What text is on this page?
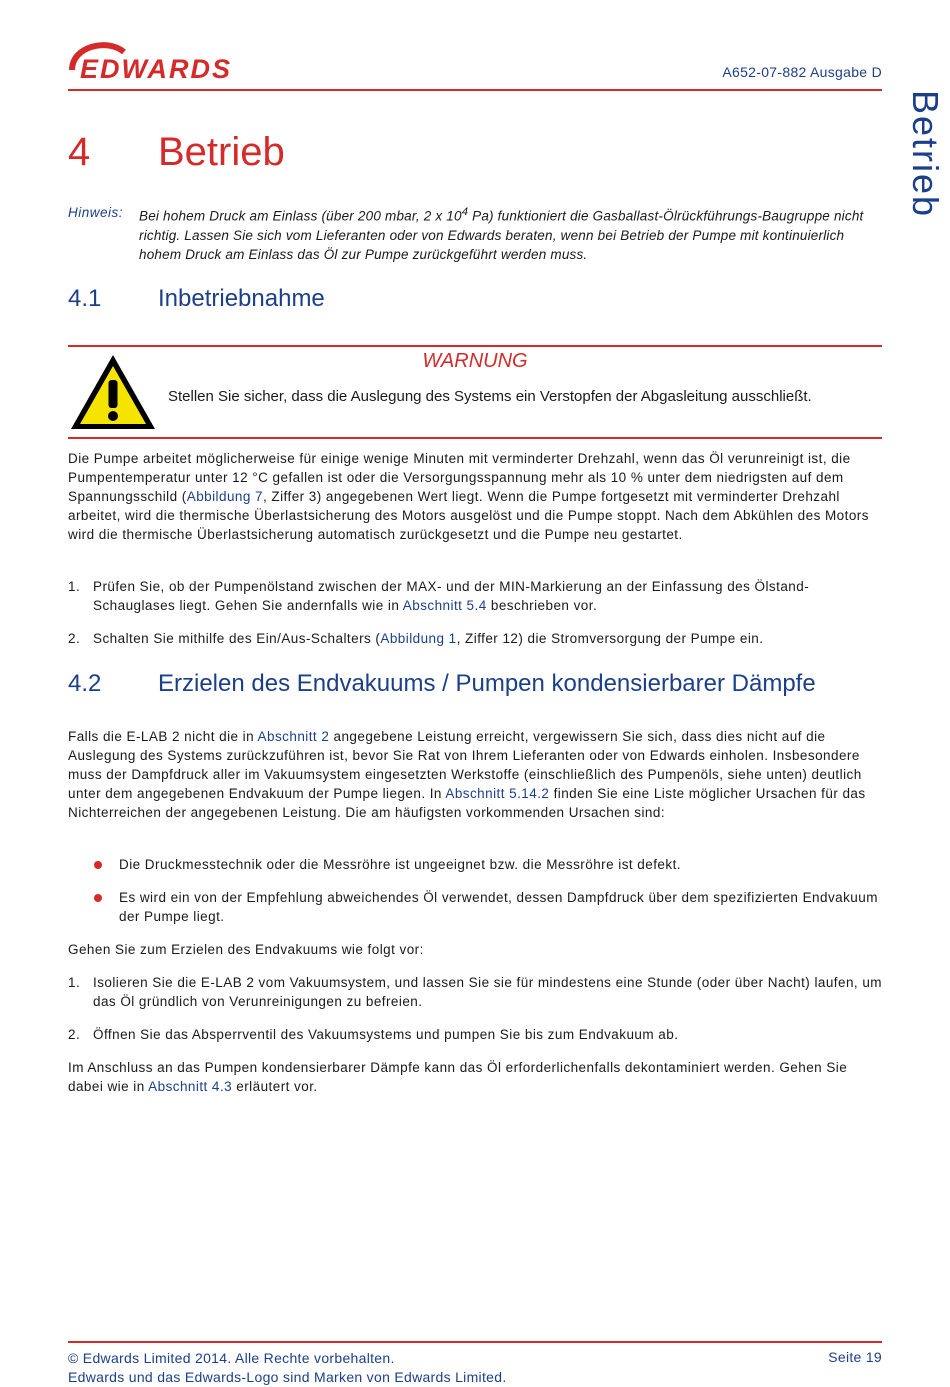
EDWARDS	A652-07-882 Ausgabe D
Betrieb
4 Betrieb
Hinweis: Bei hohem Druck am Einlass (über 200 mbar, 2 x $10^4$ Pa) funktioniert die Gasballast-Ölrückführungs-Baugruppe nicht richtig. Lassen Sie sich vom Lieferanten oder von Edwards beraten, wenn bei Betrieb der Pumpe mit kontinuierlich hohem Druck am Einlass das Öl zur Pumpe zurückgeführt werden muss.
4.1 Inbetriebnahme
WARNUNG
Stellen Sie sicher, dass die Auslegung des Systems ein Verstopfen der Abgasleitung ausschließt.
Die Pumpe arbeitet möglicherweise für einige wenige Minuten mit verminderter Drehzahl, wenn das Öl verunreinigt ist, die Pumpentemperatur unter 12 °C gefallen ist oder die Versorgungsspannung mehr als 10 % unter dem niedrigsten auf dem Spannungsschild (Abbildung 7, Ziffer 3) angegebenen Wert liegt. Wenn die Pumpe fortgesetzt mit verminderter Drehzahl arbeitet, wird die thermische Überlastsicherung des Motors ausgelöst und die Pumpe stoppt. Nach dem Abkühlen des Motors wird die thermische Überlastsicherung automatisch zurückgesetzt und die Pumpe neu gestartet.
1. Prüfen Sie, ob der Pumpenölstand zwischen der MAX- und der MIN-Markierung an der Einfassung des Ölstand-Schauglases liegt. Gehen Sie andernfalls wie in Abschnitt 5.4 beschrieben vor.
2. Schalten Sie mithilfe des Ein/Aus-Schalters (Abbildung 1, Ziffer 12) die Stromversorgung der Pumpe ein.
4.2 Erzielen des Endvakuums / Pumpen kondensierbarer Dämpfe
Falls die E-LAB 2 nicht die in Abschnitt 2 angegebene Leistung erreicht, vergewissern Sie sich, dass dies nicht auf die Auslegung des Systems zurückzuführen ist, bevor Sie Rat von Ihrem Lieferanten oder von Edwards einholen. Insbesondere muss der Dampfdruck aller im Vakuumsystem eingesetzten Werkstoffe (einschließlich des Pumpenöls, siehe unten) deutlich unter dem angegebenen Endvakuum der Pumpe liegen. In Abschnitt 5.14.2 finden Sie eine Liste möglicher Ursachen für das Nichterreichen der angegebenen Leistung. Die am häufigsten vorkommenden Ursachen sind:
Die Druckmesstechnik oder die Messröhre ist ungeeignet bzw. die Messröhre ist defekt.
Es wird ein von der Empfehlung abweichendes Öl verwendet, dessen Dampfdruck über dem spezifizierten Endvakuum der Pumpe liegt.
Gehen Sie zum Erzielen des Endvakuums wie folgt vor:
1. Isolieren Sie die E-LAB 2 vom Vakuumsystem, und lassen Sie sie für mindestens eine Stunde (oder über Nacht) laufen, um das Öl gründlich von Verunreinigungen zu befreien.
2. Öffnen Sie das Absperrventil des Vakuumsystems und pumpen Sie bis zum Endvakuum ab.
Im Anschluss an das Pumpen kondensierbarer Dämpfe kann das Öl erforderlichenfalls dekontaminiert werden. Gehen Sie dabei wie in Abschnitt 4.3 erläutert vor.
© Edwards Limited 2014. Alle Rechte vorbehalten.
Edwards und das Edwards-Logo sind Marken von Edwards Limited.
Seite 19
